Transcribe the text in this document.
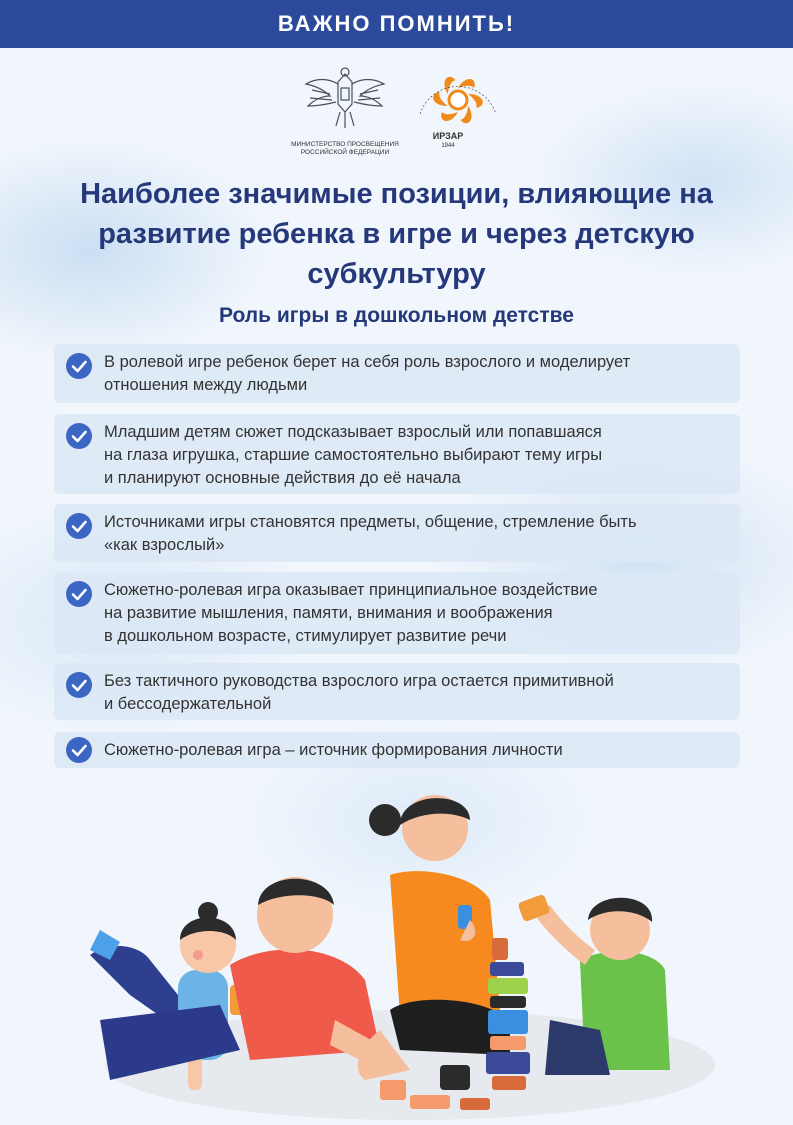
ВАЖНО ПОМНИТЬ!
МИНИСТЕРСТВО ПРОСВЕЩЕНИЯ
РОССИЙСКОЙ ФЕДЕРАЦИИ
ИРЗАР
1944
Наиболее значимые позиции, влияющие на развитие ребенка в игре и через детскую субкультуру
Роль игры в дошкольном детстве
В ролевой игре ребенок берет на себя роль взрослого и моделирует
отношения между людьми
Младшим детям сюжет подсказывает взрослый или попавшаяся
на глаза игрушка, старшие самостоятельно выбирают тему игры
и планируют основные действия до её начала
Источниками игры становятся предметы, общение, стремление быть
«как взрослый»
Сюжетно-ролевая игра оказывает принципиальное воздействие
на развитие мышления, памяти, внимания и воображения
в дошкольном возрасте, стимулирует развитие речи
Без тактичного руководства взрослого игра остается примитивной
и бессодержательной
Сюжетно-ролевая игра – источник формирования личности
